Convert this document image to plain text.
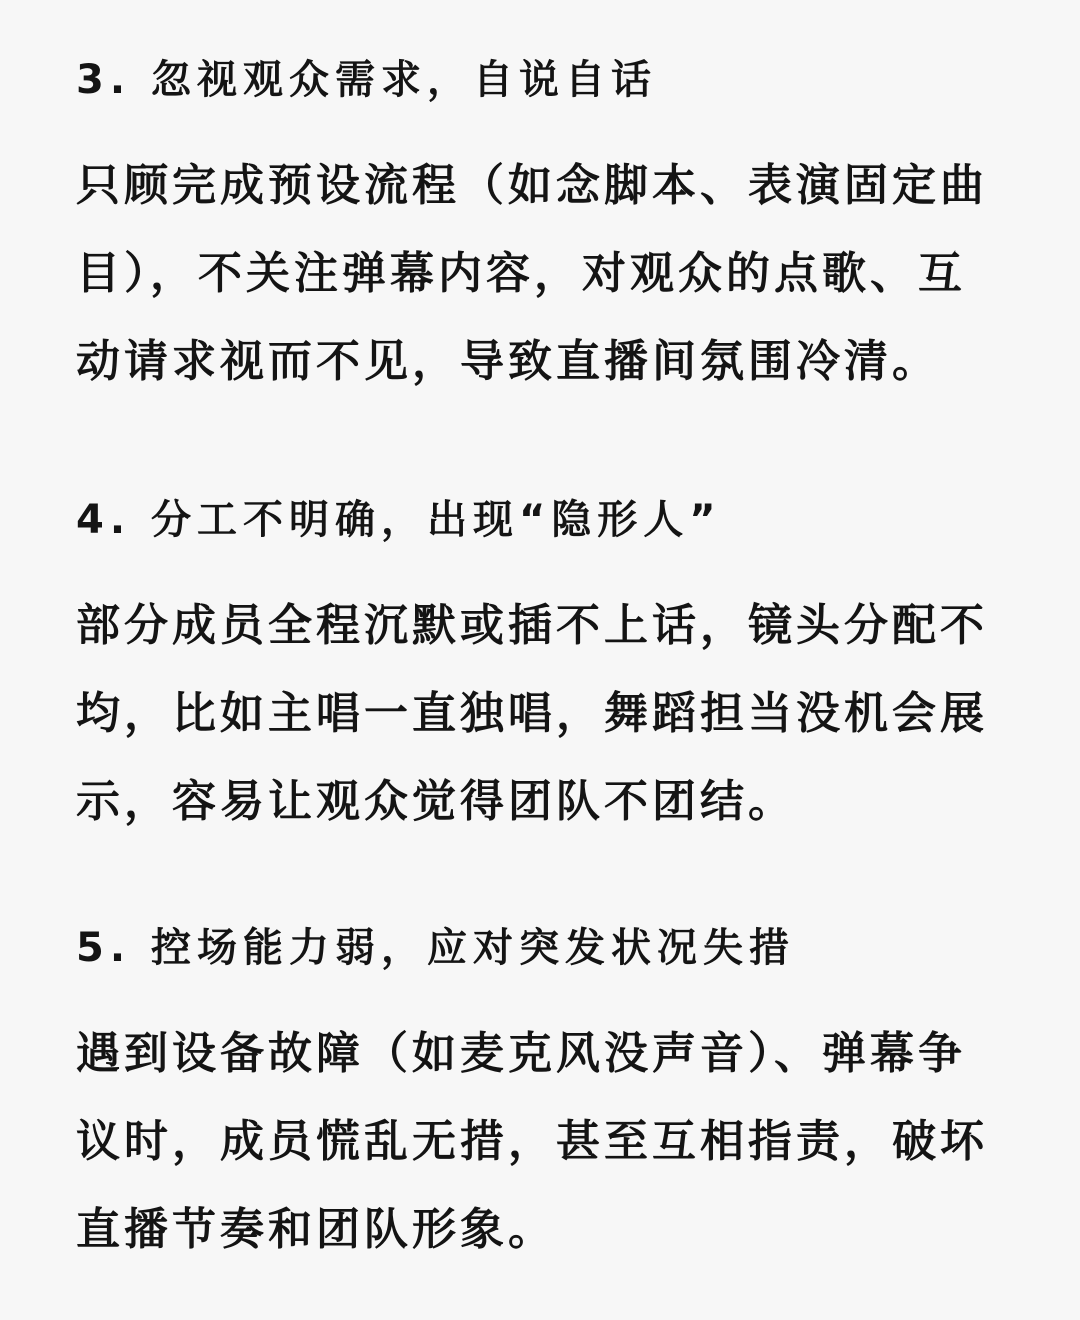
3. 忽视观众需求，自说自话
只顾完成预设流程（如念脚本、表演固定曲
目），不关注弹幕内容，对观众的点歌、互
动请求视而不见，导致直播间氛围冷清。
4. 分工不明确，出现“隐形人”
部分成员全程沉默或插不上话，镜头分配不
均，比如主唱一直独唱，舞蹈担当没机会展
示，容易让观众觉得团队不团结。
5. 控场能力弱，应对突发状况失措
遇到设备故障（如麦克风没声音）、弹幕争
议时，成员慌乱无措，甚至互相指责，破坏
直播节奏和团队形象。
